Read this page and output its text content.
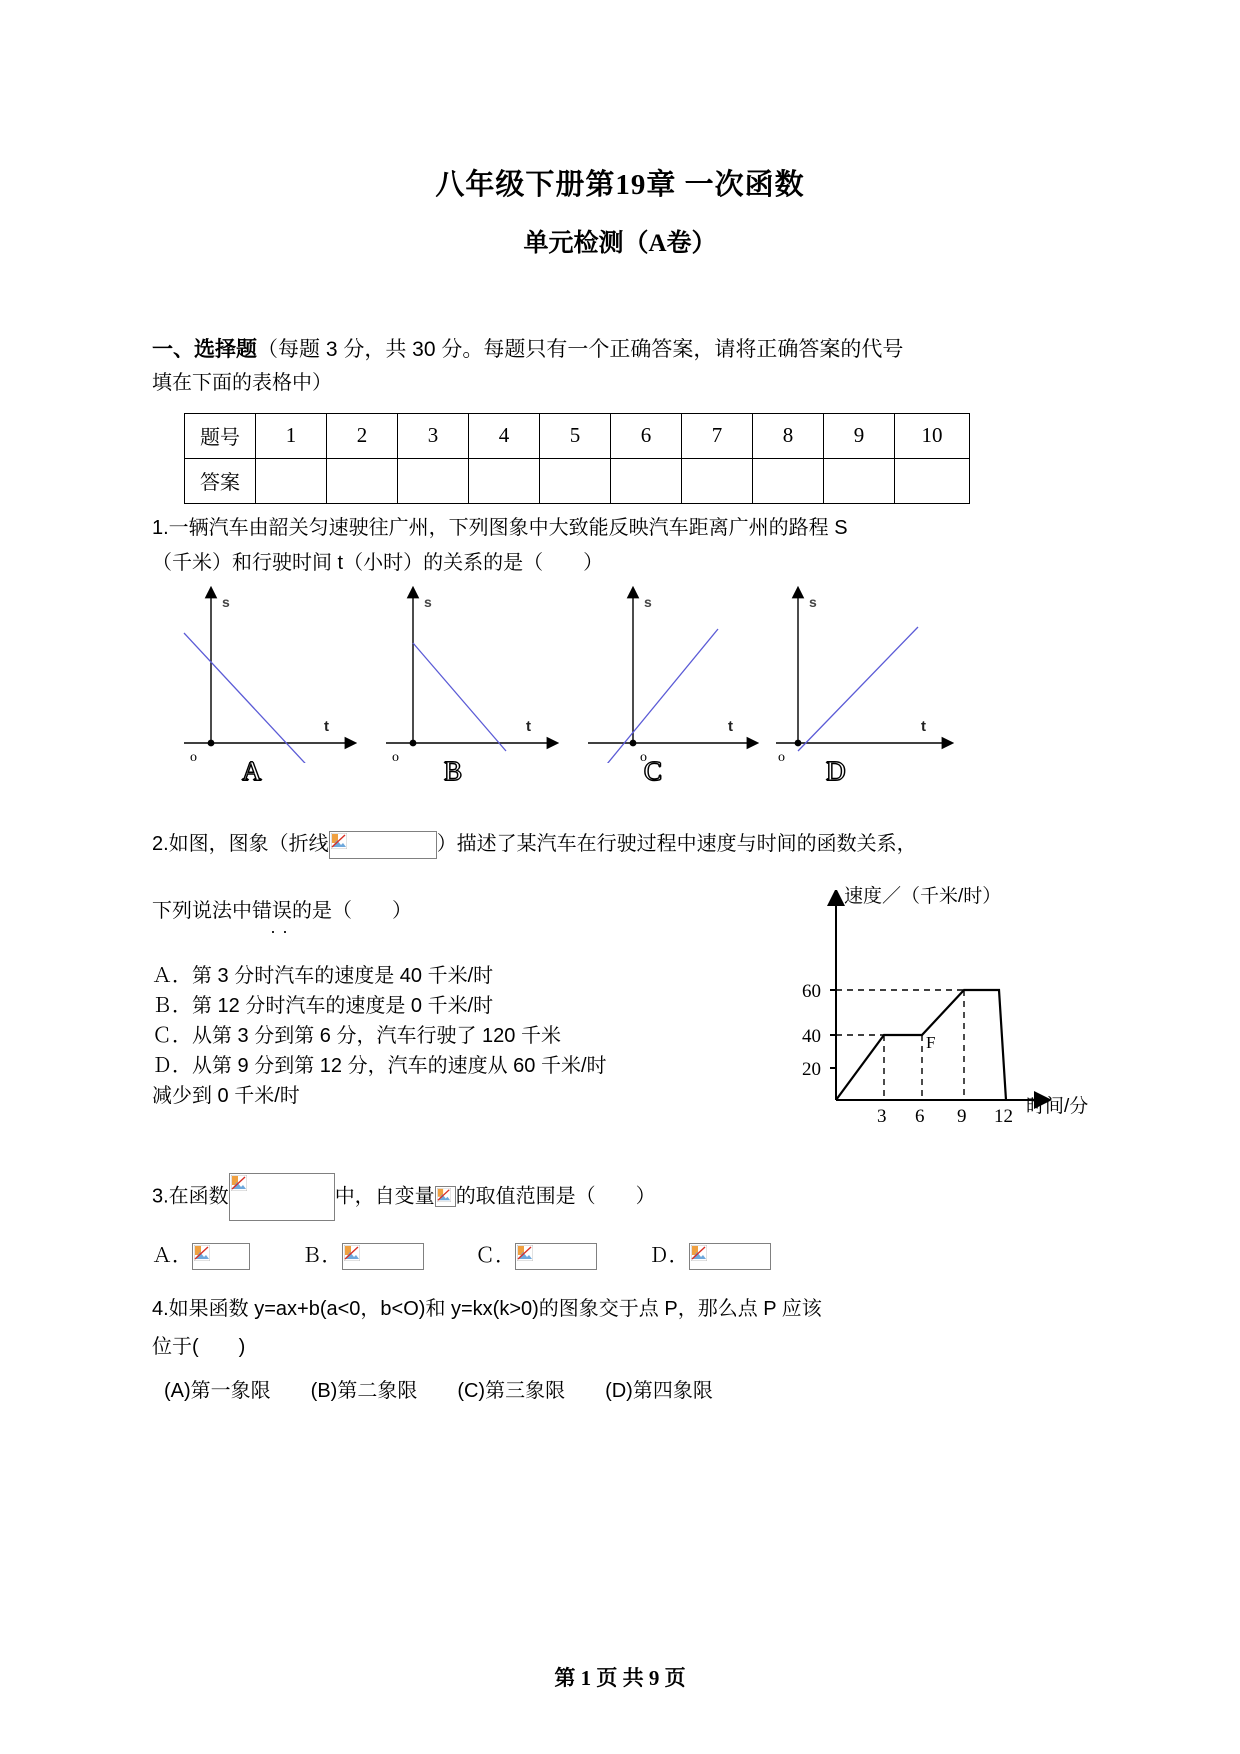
八年级下册第19章 一次函数
单元检测（A卷）
一、选择题（每题 3 分，共 30 分。每题只有一个正确答案，请将正确答案的代号
填在下面的表格中）
题号	1	2	3	4	5	6	7	8	9	10
答案										
1.一辆汽车由韶关匀速驶往广州，下列图象中大致能反映汽车距离广州的路程 S
（千米）和行驶时间 t（小时）的关系的是（　　）
s
t
o A
s
t
o B
s
t
o
C
s
t
o D
2.如图，图象（折线	）描述了某汽车在行驶过程中速度与时间的函数关系，
下列说法中错误的是（　　） ··
Ａ．第 3 分时汽车的速度是 40 千米/时
Ｂ．第 12 分时汽车的速度是 0 千米/时
Ｃ．从第 3 分到第 6 分，汽车行驶了 120 千米
Ｄ．从第 9 分到第 12 分，汽车的速度从 60 千米/时
减少到 0 千米/时
60
40
20
3 6 9 12
F
速度／（千米/时）
时间/分
3.在函数	中，自变量 的取值范围是（　　）
Ａ．	Ｂ．	Ｃ．	Ｄ．
4.如果函数 y=ax+b(a<0，b<O)和 y=kx(k>0)的图象交于点 P，那么点 P 应该
位于(　　)
(A)第一象限　　(B)第二象限　　(C)第三象限　　(D)第四象限
第 1 页 共 9 页
